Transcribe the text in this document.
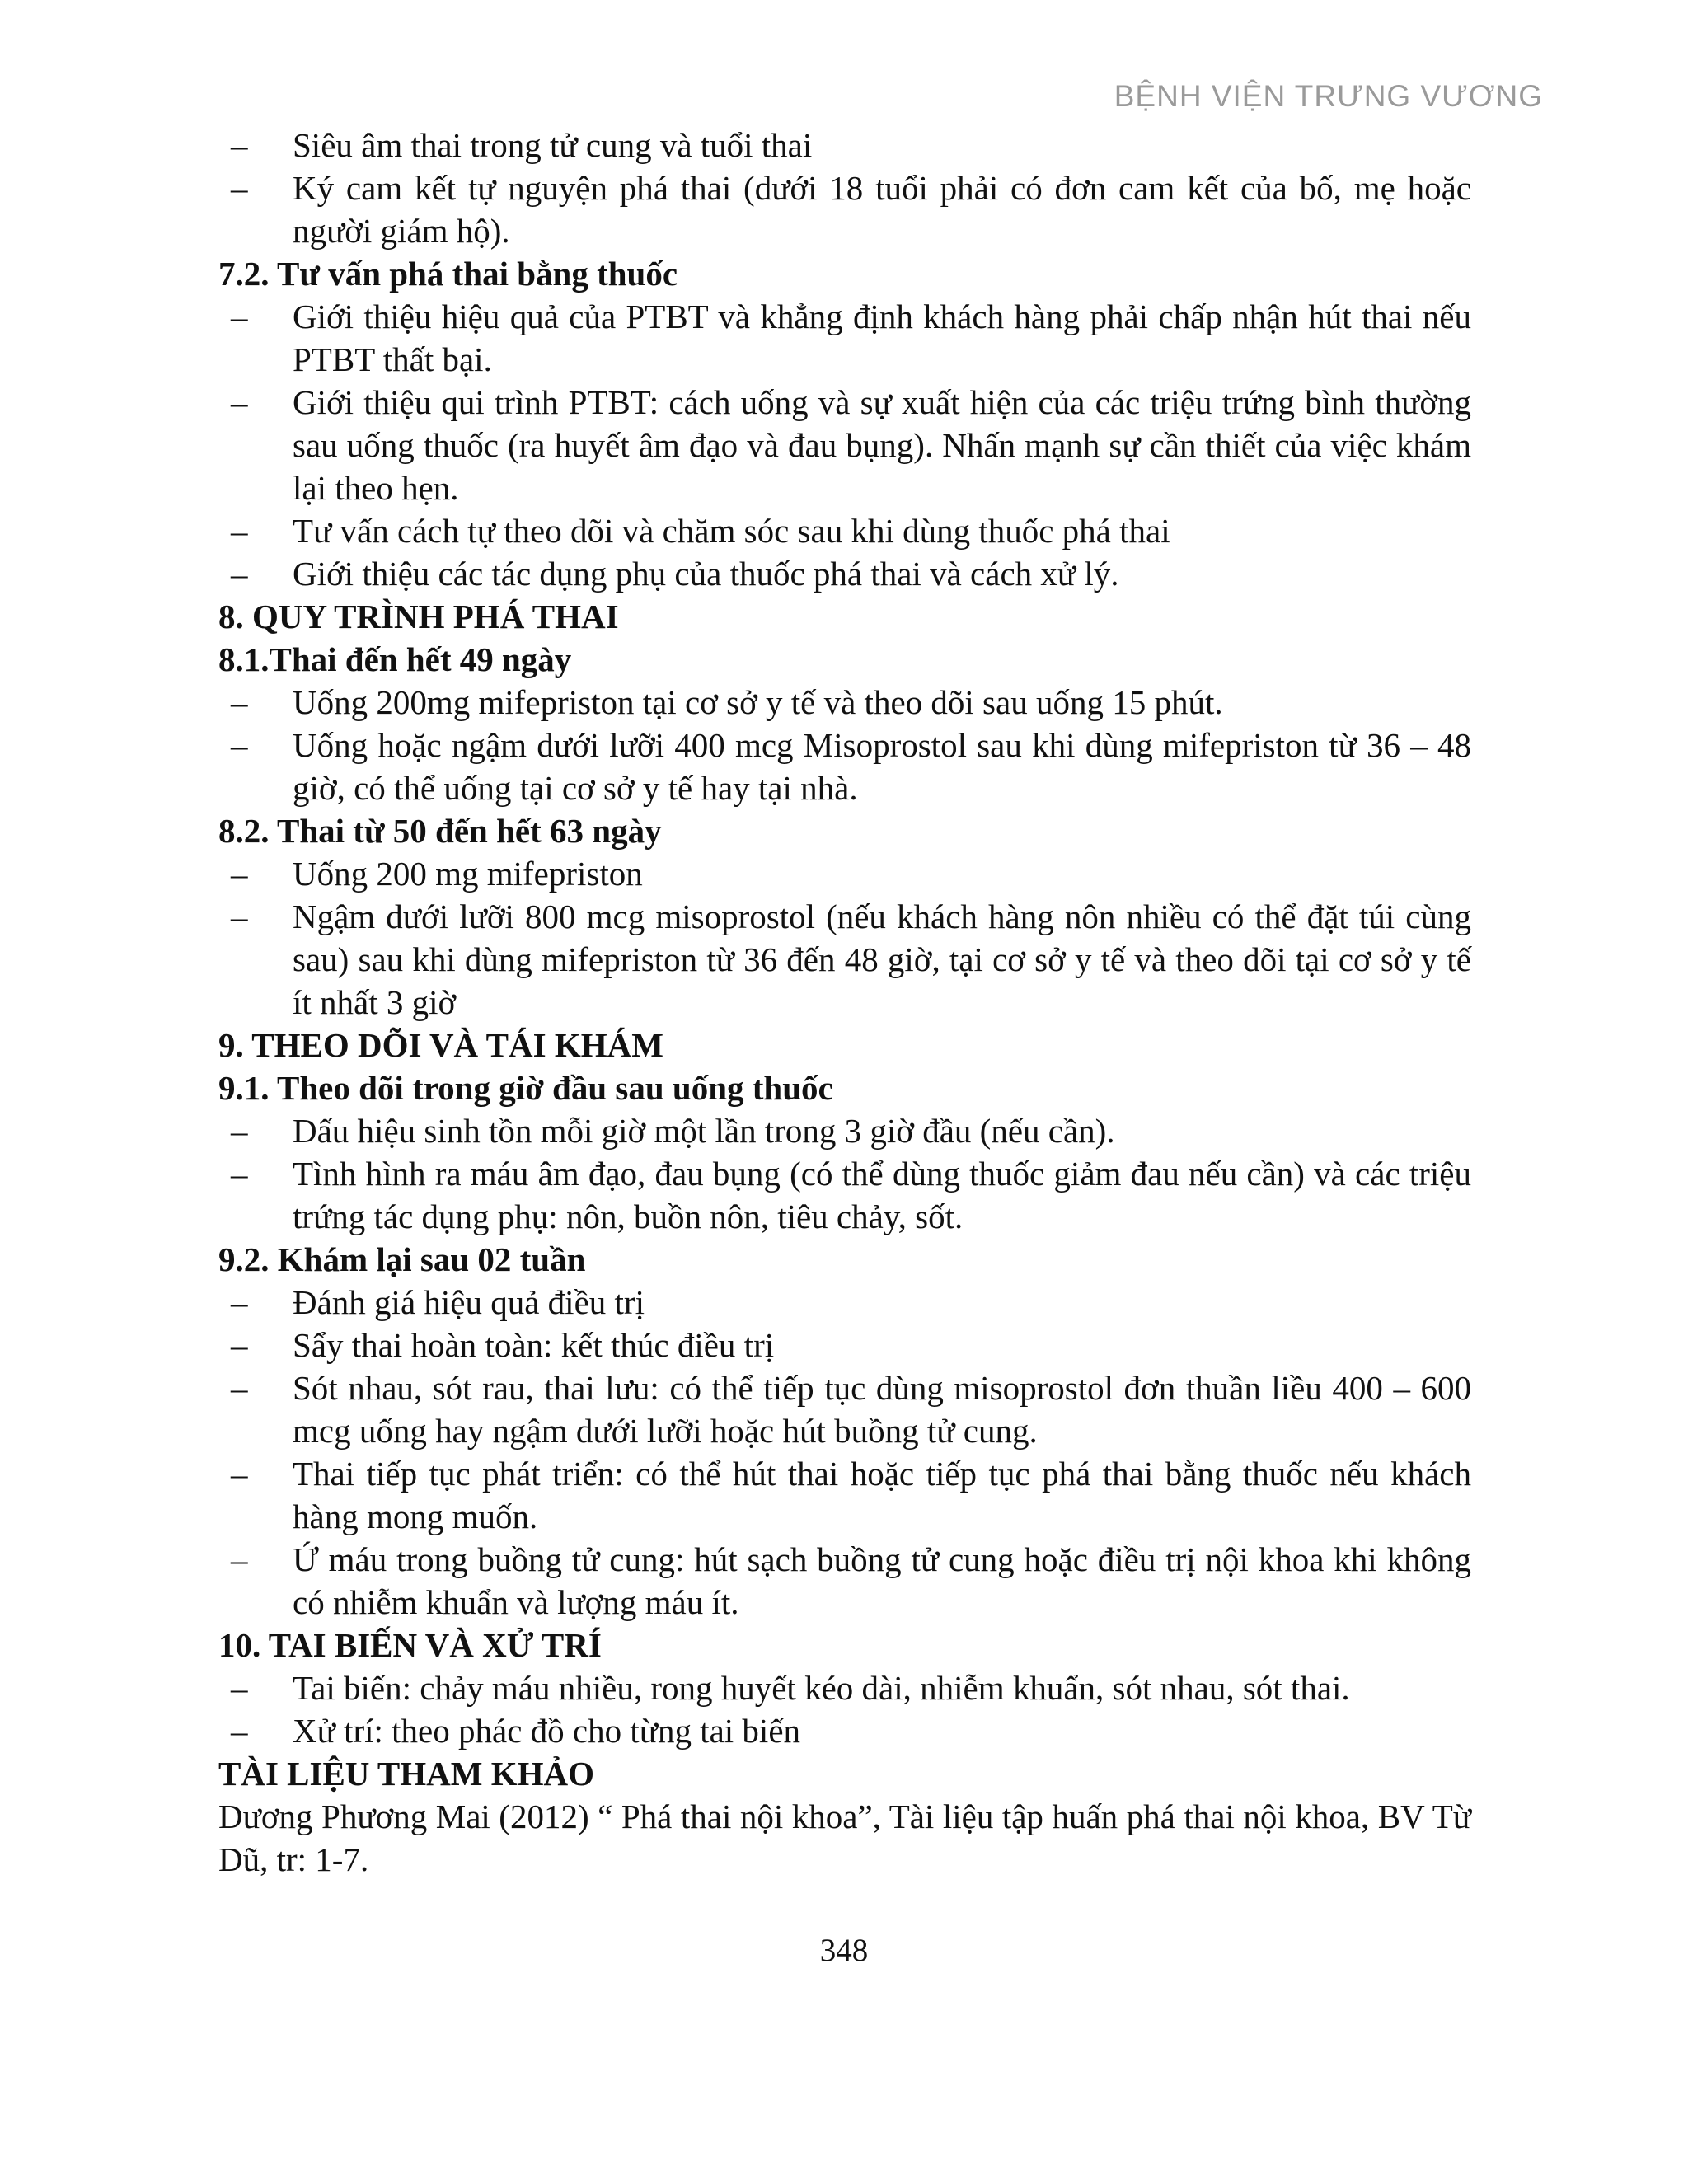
BỆNH VIỆN TRƯNG VƯƠNG
–	Siêu âm thai trong tử cung và tuổi thai
–	Ký cam kết tự nguyện phá thai (dưới 18 tuổi phải có đơn cam kết của bố, mẹ hoặc người giám hộ).

7.2. Tư vấn phá thai bằng thuốc

–	Giới thiệu hiệu quả của PTBT và khẳng định khách hàng phải chấp nhận hút thai nếu PTBT thất bại.
–	Giới thiệu qui trình PTBT: cách uống và sự xuất hiện của các triệu trứng bình thường sau uống thuốc (ra huyết âm đạo và đau bụng). Nhấn mạnh sự cần thiết của việc khám lại theo hẹn.
–	Tư vấn cách tự theo dõi và chăm sóc sau khi dùng thuốc phá thai
–	Giới thiệu các tác dụng phụ của thuốc phá thai và cách xử lý.

8. QUY TRÌNH PHÁ THAI

8.1.Thai đến hết 49 ngày

–	Uống 200mg mifepriston tại cơ sở y tế và theo dõi sau uống 15 phút.
–	Uống hoặc ngậm dưới lưỡi 400 mcg Misoprostol sau khi dùng mifepriston từ 36 – 48 giờ, có thể uống tại cơ sở y tế hay tại nhà.

8.2. Thai từ 50 đến hết 63 ngày

–	Uống 200 mg mifepriston
–	Ngậm dưới lưỡi 800 mcg misoprostol (nếu khách hàng nôn nhiều có thể đặt túi cùng sau) sau khi dùng mifepriston từ 36 đến 48 giờ, tại cơ sở y tế và theo dõi tại cơ sở y tế ít nhất 3 giờ

9. THEO DÕI VÀ TÁI KHÁM

9.1. Theo dõi trong giờ đầu sau uống thuốc

–	Dấu hiệu sinh tồn mỗi giờ một lần trong 3 giờ đầu (nếu cần).
–	Tình hình ra máu âm đạo, đau bụng (có thể dùng thuốc giảm đau nếu cần) và các triệu trứng tác dụng phụ: nôn, buồn nôn, tiêu chảy, sốt.

9.2. Khám lại sau 02 tuần

–	Đánh giá hiệu quả điều trị
–	Sẩy thai hoàn toàn: kết thúc điều trị
–	Sót nhau, sót rau, thai lưu: có thể tiếp tục dùng misoprostol đơn thuần liều 400 – 600 mcg uống hay ngậm dưới lưỡi hoặc hút buồng tử cung.
–	Thai tiếp tục phát triển: có thể hút thai hoặc tiếp tục phá thai bằng thuốc nếu khách hàng mong muốn.
–	Ứ máu trong buồng tử cung: hút sạch buồng tử cung hoặc điều trị nội khoa khi không có nhiễm khuẩn và lượng máu ít.

10. TAI BIẾN VÀ XỬ TRÍ

–	Tai biến: chảy máu nhiều, rong huyết kéo dài, nhiễm khuẩn, sót nhau, sót thai.
–	Xử trí: theo phác đồ cho từng tai biến

TÀI LIỆU THAM KHẢO

Dương Phương Mai (2012) “ Phá thai nội khoa”, Tài liệu tập huấn phá thai nội khoa, BV Từ Dũ, tr: 1-7.

348
